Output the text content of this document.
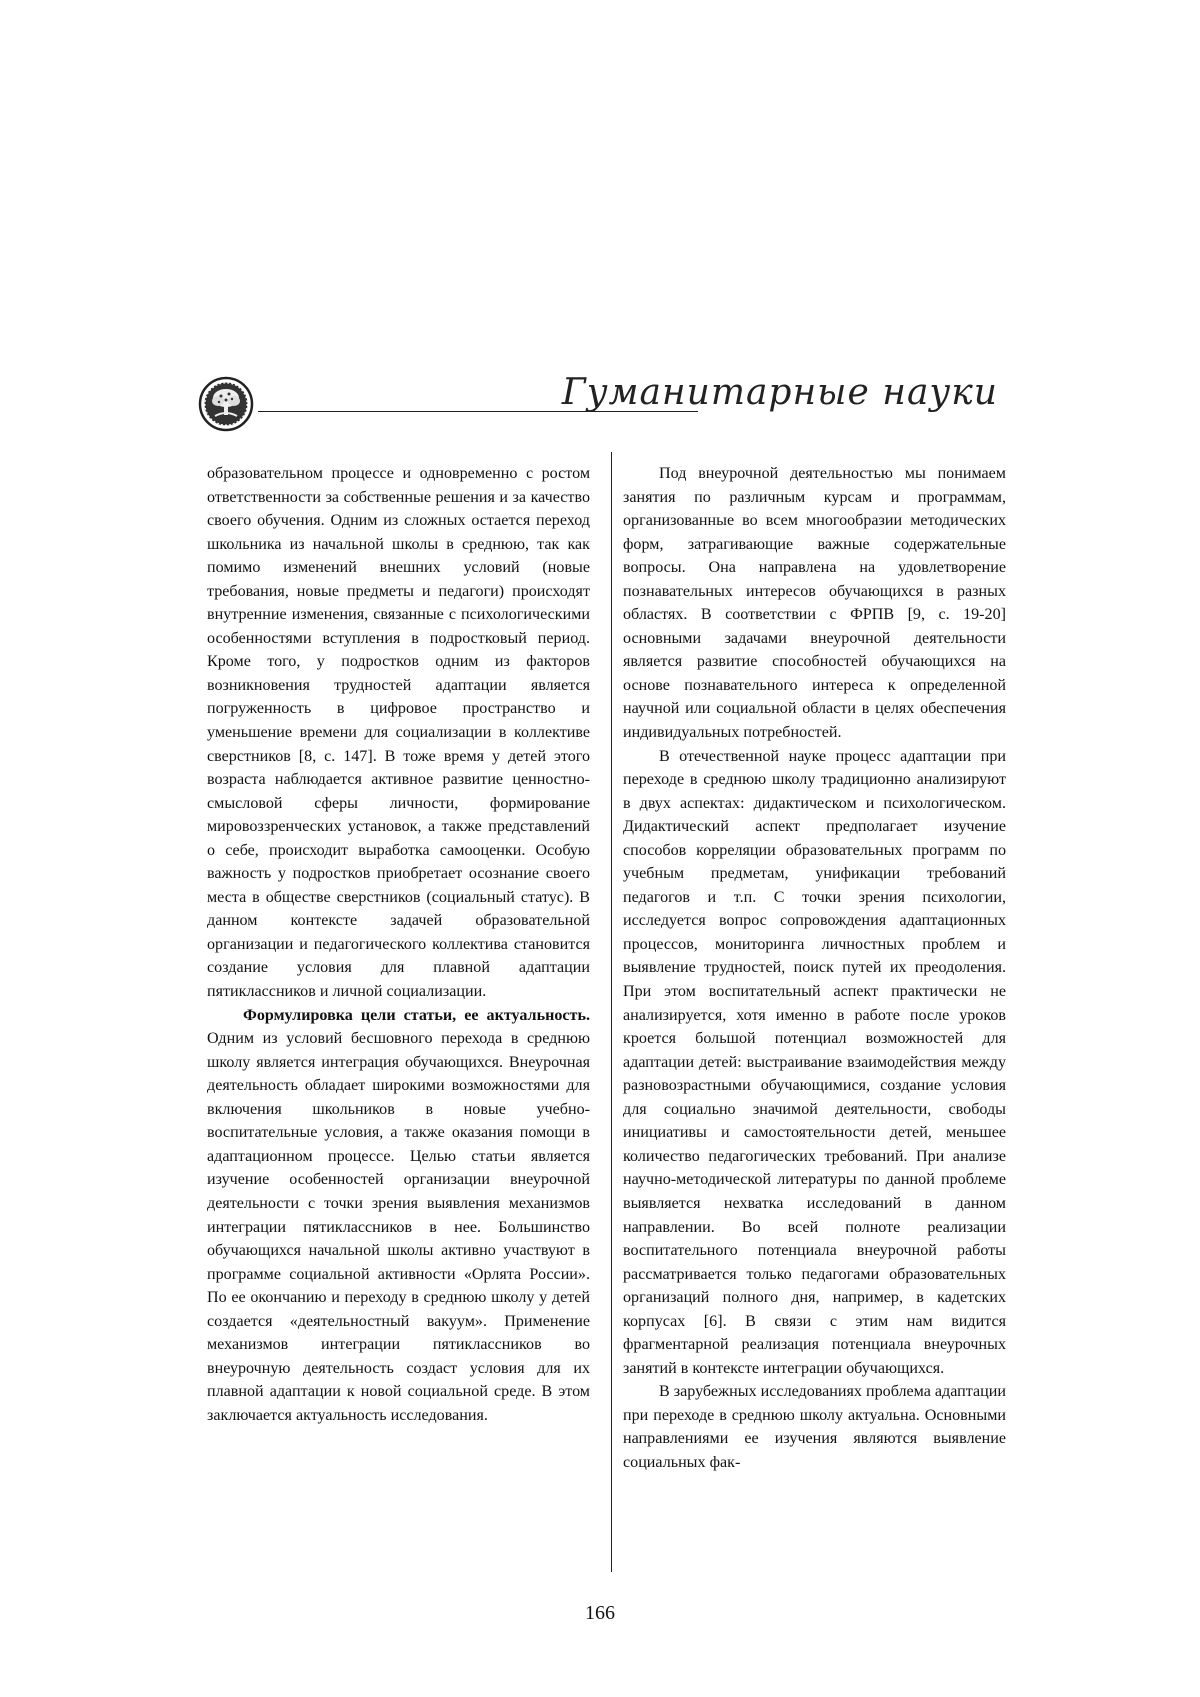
Гуманитарные науки

образовательном процессе и одновременно с ростом ответственности за собственные решения и за качество своего обучения. Одним из сложных остается переход школьника из начальной школы в среднюю, так как помимо изменений внешних условий (новые требования, новые предметы и педагоги) происходят внутренние изменения, связанные с психологическими особенностями вступления в подростковый период. Кроме того, у подростков одним из факторов возникновения трудностей адаптации является погруженность в цифровое пространство и уменьшение времени для социализации в коллективе сверстников [8, с. 147]. В тоже время у детей этого возраста наблюдается активное развитие ценностно-смысловой сферы личности, формирование мировоззренческих установок, а также представлений о себе, происходит выработка самооценки. Особую важность у подростков приобретает осознание своего места в обществе сверстников (социальный статус). В данном контексте задачей образовательной организации и педагогического коллектива становится создание условия для плавной адаптации пятиклассников и личной социализации.

Формулировка цели статьи, ее актуальность. Одним из условий бесшовного перехода в среднюю школу является интеграция обучающихся. Внеурочная деятельность обладает широкими возможностями для включения школьников в новые учебно-воспитательные условия, а также оказания помощи в адаптационном процессе. Целью статьи является изучение особенностей организации внеурочной деятельности с точки зрения выявления механизмов интеграции пятиклассников в нее. Большинство обучающихся начальной школы активно участвуют в программе социальной активности «Орлята России». По ее окончанию и переходу в среднюю школу у детей создается «деятельностный вакуум». Применение механизмов интеграции пятиклассников во внеурочную деятельность создаст условия для их плавной адаптации к новой социальной среде. В этом заключается актуальность исследования.

Под внеурочной деятельностью мы понимаем занятия по различным курсам и программам, организованные во всем многообразии методических форм, затрагивающие важные содержательные вопросы. Она направлена на удовлетворение познавательных интересов обучающихся в разных областях. В соответствии с ФРПВ [9, с. 19-20] основными задачами внеурочной деятельности является развитие способностей обучающихся на основе познавательного интереса к определенной научной или социальной области в целях обеспечения индивидуальных потребностей.

В отечественной науке процесс адаптации при переходе в среднюю школу традиционно анализируют в двух аспектах: дидактическом и психологическом. Дидактический аспект предполагает изучение способов корреляции образовательных программ по учебным предметам, унификации требований педагогов и т.п. С точки зрения психологии, исследуется вопрос сопровождения адаптационных процессов, мониторинга личностных проблем и выявление трудностей, поиск путей их преодоления. При этом воспитательный аспект практически не анализируется, хотя именно в работе после уроков кроется большой потенциал возможностей для адаптации детей: выстраивание взаимодействия между разновозрастными обучающимися, создание условия для социально значимой деятельности, свободы инициативы и самостоятельности детей, меньшее количество педагогических требований. При анализе научно-методической литературы по данной проблеме выявляется нехватка исследований в данном направлении. Во всей полноте реализации воспитательного потенциала внеурочной работы рассматривается только педагогами образовательных организаций полного дня, например, в кадетских корпусах [6]. В связи с этим нам видится фрагментарной реализация потенциала внеурочных занятий в контексте интеграции обучающихся.

В зарубежных исследованиях проблема адаптации при переходе в среднюю школу актуальна. Основными направлениями ее изучения являются выявление социальных фак-

166
